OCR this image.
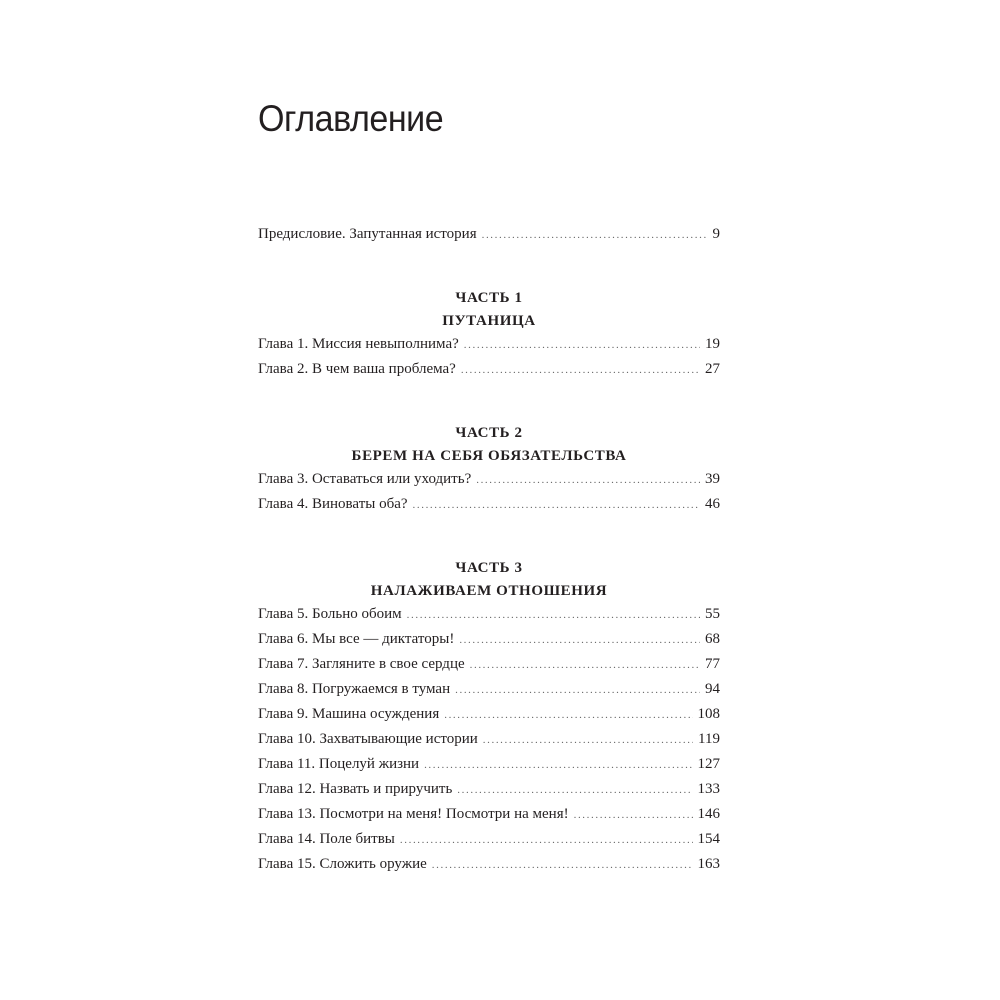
Оглавление
Предисловие. Запутанная история .....	9

ЧАСТЬ 1

ПУТАНИЦА

Глава 1. Миссия невыполнима? .....	19
Глава 2. В чем ваша проблема? .....	27

ЧАСТЬ 2

БЕРЕМ НА СЕБЯ ОБЯЗАТЕЛЬСТВА

Глава 3. Оставаться или уходить? .....	39
Глава 4. Виноваты оба? .....	46

ЧАСТЬ 3

НАЛАЖИВАЕМ ОТНОШЕНИЯ

Глава 5. Больно обоим .....	55
Глава 6. Мы все — диктаторы! .....	68
Глава 7. Загляните в свое сердце .....	77
Глава 8. Погружаемся в туман .....	94
Глава 9. Машина осуждения .....	108
Глава 10. Захватывающие истории .....	119
Глава 11. Поцелуй жизни .....	127
Глава 12. Назвать и приручить .....	133
Глава 13. Посмотри на меня! Посмотри на меня! .....	146
Глава 14. Поле битвы .....	154
Глава 15. Сложить оружие .....	163
